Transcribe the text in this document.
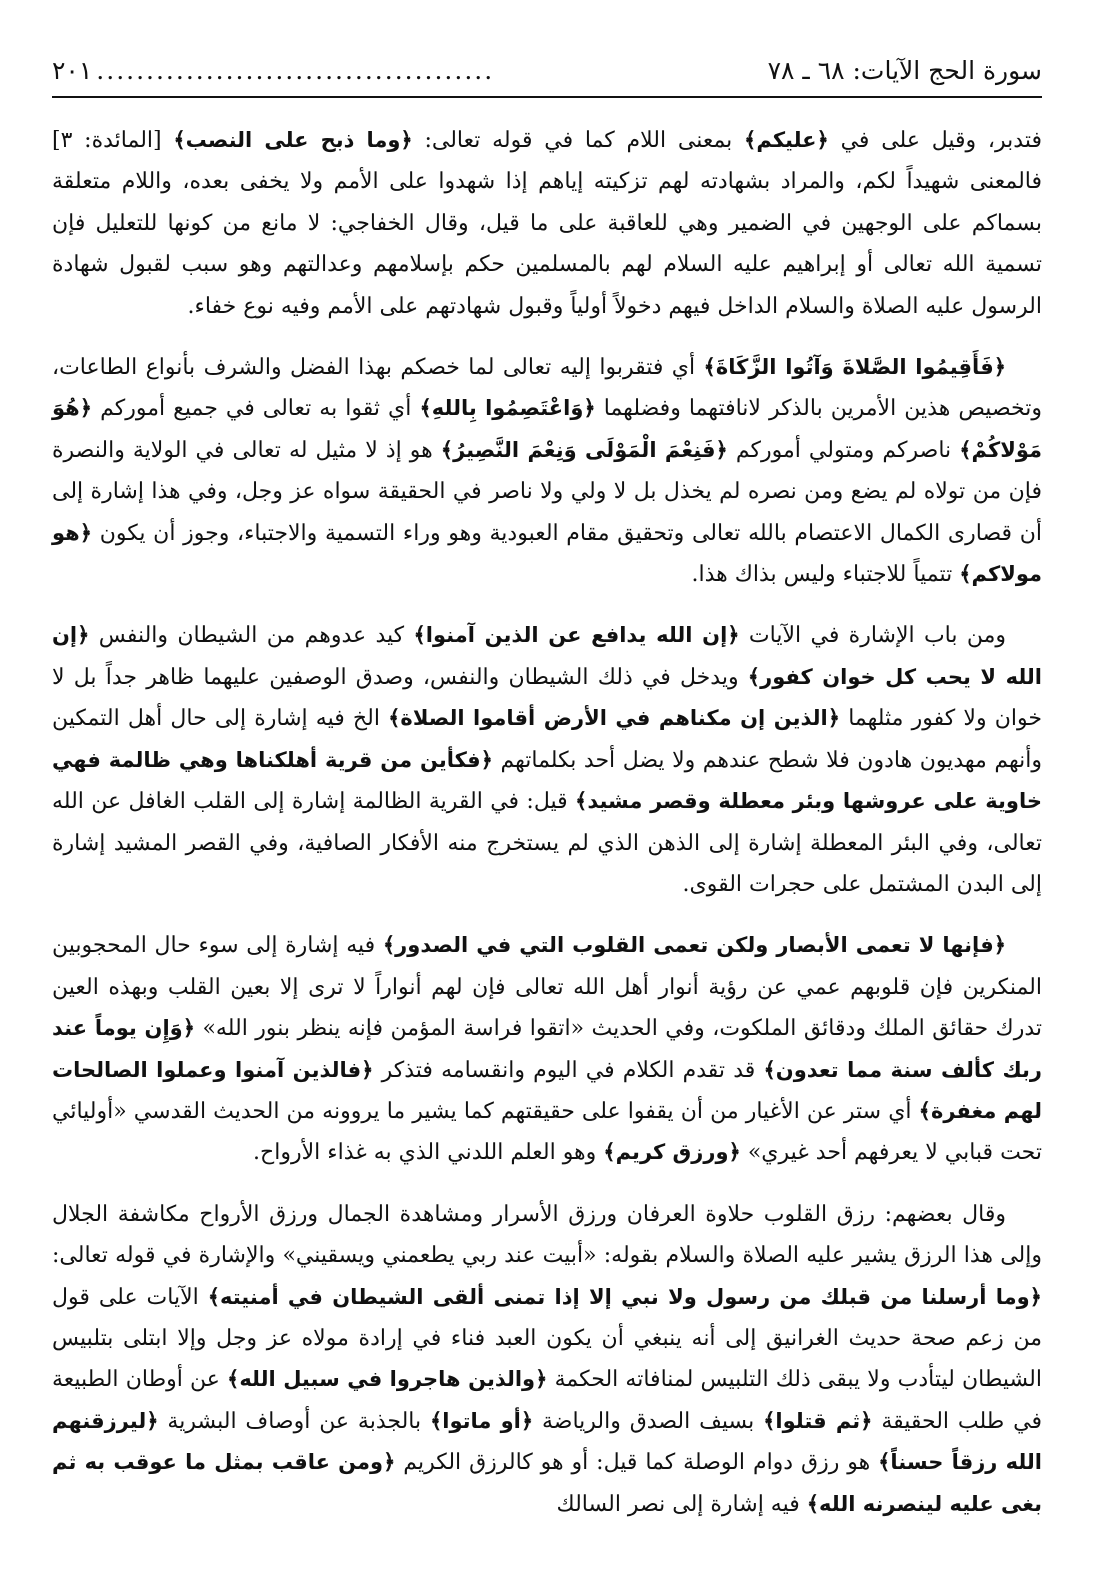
سورة الحج الآيات: ٦٨ ـ ٧٨
........................................
٢٠١

فتدبر، وقيل على في ﴿عليكم﴾ بمعنى اللام كما في قوله تعالى: ﴿وما ذبح على النصب﴾ [المائدة: ٣] فالمعنى شهيداً لكم، والمراد بشهادته لهم تزكيته إياهم إذا شهدوا على الأمم ولا يخفى بعده، واللام متعلقة بسماكم على الوجهين في الضمير وهي للعاقبة على ما قيل، وقال الخفاجي: لا مانع من كونها للتعليل فإن تسمية الله تعالى أو إبراهيم عليه السلام لهم بالمسلمين حكم بإسلامهم وعدالتهم وهو سبب لقبول شهادة الرسول عليه الصلاة والسلام الداخل فيهم دخولاً أولياً وقبول شهادتهم على الأمم وفيه نوع خفاء.

﴿فَأَقِيمُوا الصَّلاةَ وَآتُوا الزَّكَاةَ﴾ أي فتقربوا إليه تعالى لما خصكم بهذا الفضل والشرف بأنواع الطاعات، وتخصيص هذين الأمرين بالذكر لانافتهما وفضلهما ﴿وَاعْتَصِمُوا بِاللهِ﴾ أي ثقوا به تعالى في جميع أموركم ﴿هُوَ مَوْلاكُمْ﴾ ناصركم ومتولي أموركم ﴿فَنِعْمَ الْمَوْلَى وَنِعْمَ النَّصِيرُ﴾ هو إذ لا مثيل له تعالى في الولاية والنصرة فإن من تولاه لم يضع ومن نصره لم يخذل بل لا ولي ولا ناصر في الحقيقة سواه عز وجل، وفي هذا إشارة إلى أن قصارى الكمال الاعتصام بالله تعالى وتحقيق مقام العبودية وهو وراء التسمية والاجتباء، وجوز أن يكون ﴿هو مولاكم﴾ تتمياً للاجتباء وليس بذاك هذا.

ومن باب الإشارة في الآيات ﴿إن الله يدافع عن الذين آمنوا﴾ كيد عدوهم من الشيطان والنفس ﴿إن الله لا يحب كل خوان كفور﴾ ويدخل في ذلك الشيطان والنفس، وصدق الوصفين عليهما ظاهر جداً بل لا خوان ولا كفور مثلهما ﴿الذين إن مكناهم في الأرض أقاموا الصلاة﴾ الخ فيه إشارة إلى حال أهل التمكين وأنهم مهديون هادون فلا شطح عندهم ولا يضل أحد بكلماتهم ﴿فكأين من قرية أهلكناها وهي ظالمة فهي خاوية على عروشها وبئر معطلة وقصر مشيد﴾ قيل: في القرية الظالمة إشارة إلى القلب الغافل عن الله تعالى، وفي البئر المعطلة إشارة إلى الذهن الذي لم يستخرج منه الأفكار الصافية، وفي القصر المشيد إشارة إلى البدن المشتمل على حجرات القوى.

﴿فإنها لا تعمى الأبصار ولكن تعمى القلوب التي في الصدور﴾ فيه إشارة إلى سوء حال المحجوبين المنكرين فإن قلوبهم عمي عن رؤية أنوار أهل الله تعالى فإن لهم أنواراً لا ترى إلا بعين القلب وبهذه العين تدرك حقائق الملك ودقائق الملكوت، وفي الحديث «اتقوا فراسة المؤمن فإنه ينظر بنور الله» ﴿وَإِن يوماً عند ربك كألف سنة مما تعدون﴾ قد تقدم الكلام في اليوم وانقسامه فتذكر ﴿فالذين آمنوا وعملوا الصالحات لهم مغفرة﴾ أي ستر عن الأغيار من أن يقفوا على حقيقتهم كما يشير ما يروونه من الحديث القدسي «أوليائي تحت قبابي لا يعرفهم أحد غيري» ﴿ورزق كريم﴾ وهو العلم اللدني الذي به غذاء الأرواح.

وقال بعضهم: رزق القلوب حلاوة العرفان ورزق الأسرار ومشاهدة الجمال ورزق الأرواح مكاشفة الجلال وإلى هذا الرزق يشير عليه الصلاة والسلام بقوله: «أبيت عند ربي يطعمني ويسقيني» والإشارة في قوله تعالى: ﴿وما أرسلنا من قبلك من رسول ولا نبي إلا إذا تمنى ألقى الشيطان في أمنيته﴾ الآيات على قول من زعم صحة حديث الغرانيق إلى أنه ينبغي أن يكون العبد فناء في إرادة مولاه عز وجل وإلا ابتلى بتلبيس الشيطان ليتأدب ولا يبقى ذلك التلبيس لمنافاته الحكمة ﴿والذين هاجروا في سبيل الله﴾ عن أوطان الطبيعة في طلب الحقيقة ﴿ثم قتلوا﴾ بسيف الصدق والرياضة ﴿أو ماتوا﴾ بالجذبة عن أوصاف البشرية ﴿ليرزقنهم الله رزقاً حسناً﴾ هو رزق دوام الوصلة كما قيل: أو هو كالرزق الكريم ﴿ومن عاقب بمثل ما عوقب به ثم بغى عليه لينصرنه الله﴾ فيه إشارة إلى نصر السالك
